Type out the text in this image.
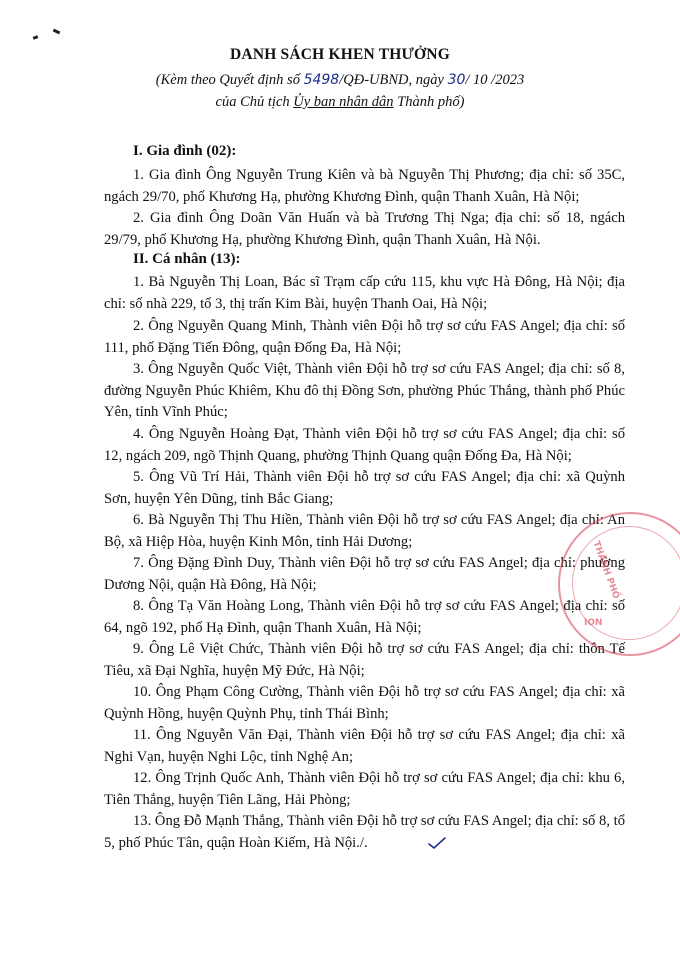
DANH SÁCH KHEN THƯỞNG
(Kèm theo Quyết định số 5498/QĐ-UBND, ngày 30/ 10 /2023
của Chủ tịch Ủy ban nhân dân Thành phố)
I. Gia đình (02):
1. Gia đình Ông Nguyễn Trung Kiên và bà Nguyễn Thị Phương; địa chỉ: số 35C, ngách 29/70, phố Khương Hạ, phường Khương Đình, quận Thanh Xuân, Hà Nội;
2. Gia đình Ông Doãn Văn Huấn và bà Trương Thị Nga; địa chỉ: số 18, ngách 29/79, phố Khương Hạ, phường Khương Đình, quận Thanh Xuân, Hà Nội.
II. Cá nhân (13):
1. Bà Nguyễn Thị Loan, Bác sĩ Trạm cấp cứu 115, khu vực Hà Đông, Hà Nội; địa chỉ: số nhà 229, tổ 3, thị trấn Kim Bài, huyện Thanh Oai, Hà Nội;
2. Ông Nguyễn Quang Minh, Thành viên Đội hỗ trợ sơ cứu FAS Angel; địa chỉ: số 111, phố Đặng Tiến Đông, quận Đống Đa, Hà Nội;
3. Ông Nguyễn Quốc Việt, Thành viên Đội hỗ trợ sơ cứu FAS Angel; địa chỉ: số 8, đường Nguyễn Phúc Khiêm, Khu đô thị Đồng Sơn, phường Phúc Thắng, thành phố Phúc Yên, tỉnh Vĩnh Phúc;
4. Ông Nguyễn Hoàng Đạt, Thành viên Đội hỗ trợ sơ cứu FAS Angel; địa chỉ: số 12, ngách 209, ngõ Thịnh Quang, phường Thịnh Quang quận Đống Đa, Hà Nội;
5. Ông Vũ Trí Hải, Thành viên Đội hỗ trợ sơ cứu FAS Angel; địa chỉ: xã Quỳnh Sơn, huyện Yên Dũng, tỉnh Bắc Giang;
6. Bà Nguyễn Thị Thu Hiền, Thành viên Đội hỗ trợ sơ cứu FAS Angel; địa chỉ: An Bộ, xã Hiệp Hòa, huyện Kinh Môn, tỉnh Hải Dương;
7. Ông Đặng Đình Duy, Thành viên Đội hỗ trợ sơ cứu FAS Angel; địa chỉ: phường Dương Nội, quận Hà Đông, Hà Nội;
8. Ông Tạ Văn Hoàng Long, Thành viên Đội hỗ trợ sơ cứu FAS Angel; địa chỉ: số 64, ngõ 192, phố Hạ Đình, quận Thanh Xuân, Hà Nội;
9. Ông Lê Việt Chức, Thành viên Đội hỗ trợ sơ cứu FAS Angel; địa chỉ: thôn Tế Tiêu, xã Đại Nghĩa, huyện Mỹ Đức, Hà Nội;
10. Ông Phạm Công Cường, Thành viên Đội hỗ trợ sơ cứu FAS Angel; địa chỉ: xã Quỳnh Hồng, huyện Quỳnh Phụ, tỉnh Thái Bình;
11. Ông Nguyễn Văn Đại, Thành viên Đội hỗ trợ sơ cứu FAS Angel; địa chỉ: xã Nghi Vạn, huyện Nghi Lộc, tỉnh Nghệ An;
12. Ông Trịnh Quốc Anh, Thành viên Đội hỗ trợ sơ cứu FAS Angel; địa chỉ: khu 6, Tiên Thắng, huyện Tiên Lãng, Hải Phòng;
13. Ông Đỗ Mạnh Thắng, Thành viên Đội hỗ trợ sơ cứu FAS Angel; địa chỉ: số 8, tổ 5, phố Phúc Tân, quận Hoàn Kiếm, Hà Nội./.
THÀNH PHỐ
ION
